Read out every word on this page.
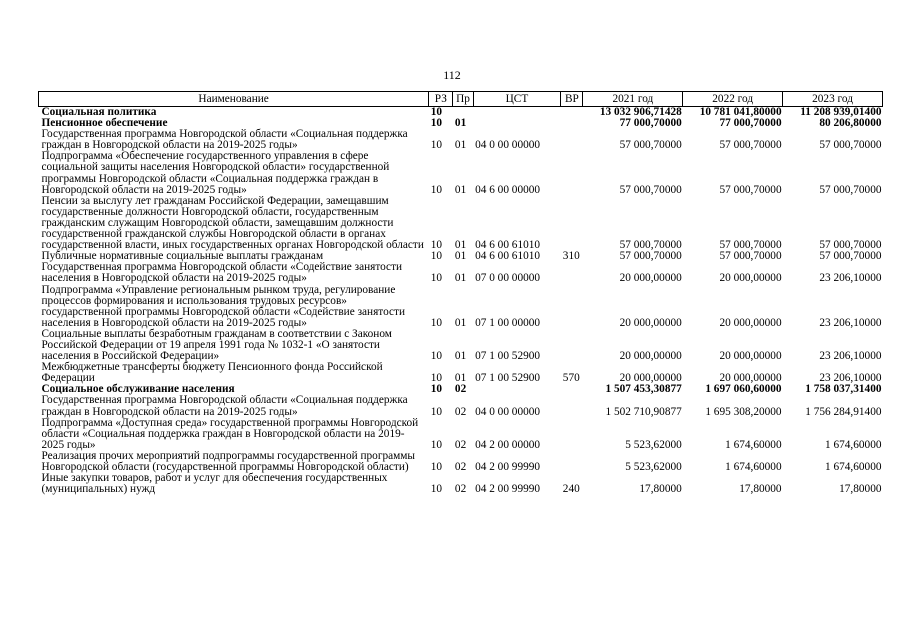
112
Наименование	РЗ	Пр	ЦСТ	ВР	2021 год	2022 год	2023 год
Социальная политика	10				13 032 906,71428	10 781 041,80000	11 208 939,01400
Пенсионное обеспечение	10	01			77 000,70000	77 000,70000	80 206,80000
Государственная программа Новгородской области «Социальная поддержка граждан в Новгородской области на 2019-2025 годы»	10	01	04 0 00 00000		57 000,70000	57 000,70000	57 000,70000
Подпрограмма «Обеспечение государственного управления в сфере социальной защиты населения Новгородской области» государственной программы Новгородской области «Социальная поддержка граждан в Новгородской области на 2019-2025 годы»	10	01	04 6 00 00000		57 000,70000	57 000,70000	57 000,70000
Пенсии за выслугу лет гражданам Российской Федерации, замещавшим государственные должности Новгородской области, государственным гражданским служащим Новгородской области, замещавшим должности государственной гражданской службы Новгородской области в органах государственной власти, иных государственных органах Новгородской области	10	01	04 6 00 61010		57 000,70000	57 000,70000	57 000,70000
Публичные нормативные социальные выплаты гражданам	10	01	04 6 00 61010	310	57 000,70000	57 000,70000	57 000,70000
Государственная программа Новгородской области «Содействие занятости населения в Новгородской области на 2019-2025 годы»	10	01	07 0 00 00000		20 000,00000	20 000,00000	23 206,10000
Подпрограмма «Управление региональным рынком труда, регулирование процессов формирования и использования трудовых ресурсов» государственной программы Новгородской области «Содействие занятости населения в Новгородской области на 2019-2025 годы»	10	01	07 1 00 00000		20 000,00000	20 000,00000	23 206,10000
Социальные выплаты безработным гражданам в соответствии с Законом Российской Федерации от 19 апреля 1991 года № 1032-1 «О занятости населения в Российской Федерации»	10	01	07 1 00 52900		20 000,00000	20 000,00000	23 206,10000
Межбюджетные трансферты бюджету Пенсионного фонда Российской Федерации	10	01	07 1 00 52900	570	20 000,00000	20 000,00000	23 206,10000
Социальное обслуживание населения	10	02			1 507 453,30877	1 697 060,60000	1 758 037,31400
Государственная программа Новгородской области «Социальная поддержка граждан в Новгородской области на 2019-2025 годы»	10	02	04 0 00 00000		1 502 710,90877	1 695 308,20000	1 756 284,91400
Подпрограмма «Доступная среда» государственной программы Новгородской области «Социальная поддержка граждан в Новгородской области на 2019-2025 годы»	10	02	04 2 00 00000		5 523,62000	1 674,60000	1 674,60000
Реализация прочих мероприятий подпрограммы государственной программы Новгородской области (государственной программы Новгородской области)	10	02	04 2 00 99990		5 523,62000	1 674,60000	1 674,60000
Иные закупки товаров, работ и услуг для обеспечения государственных (муниципальных) нужд	10	02	04 2 00 99990	240	17,80000	17,80000	17,80000
